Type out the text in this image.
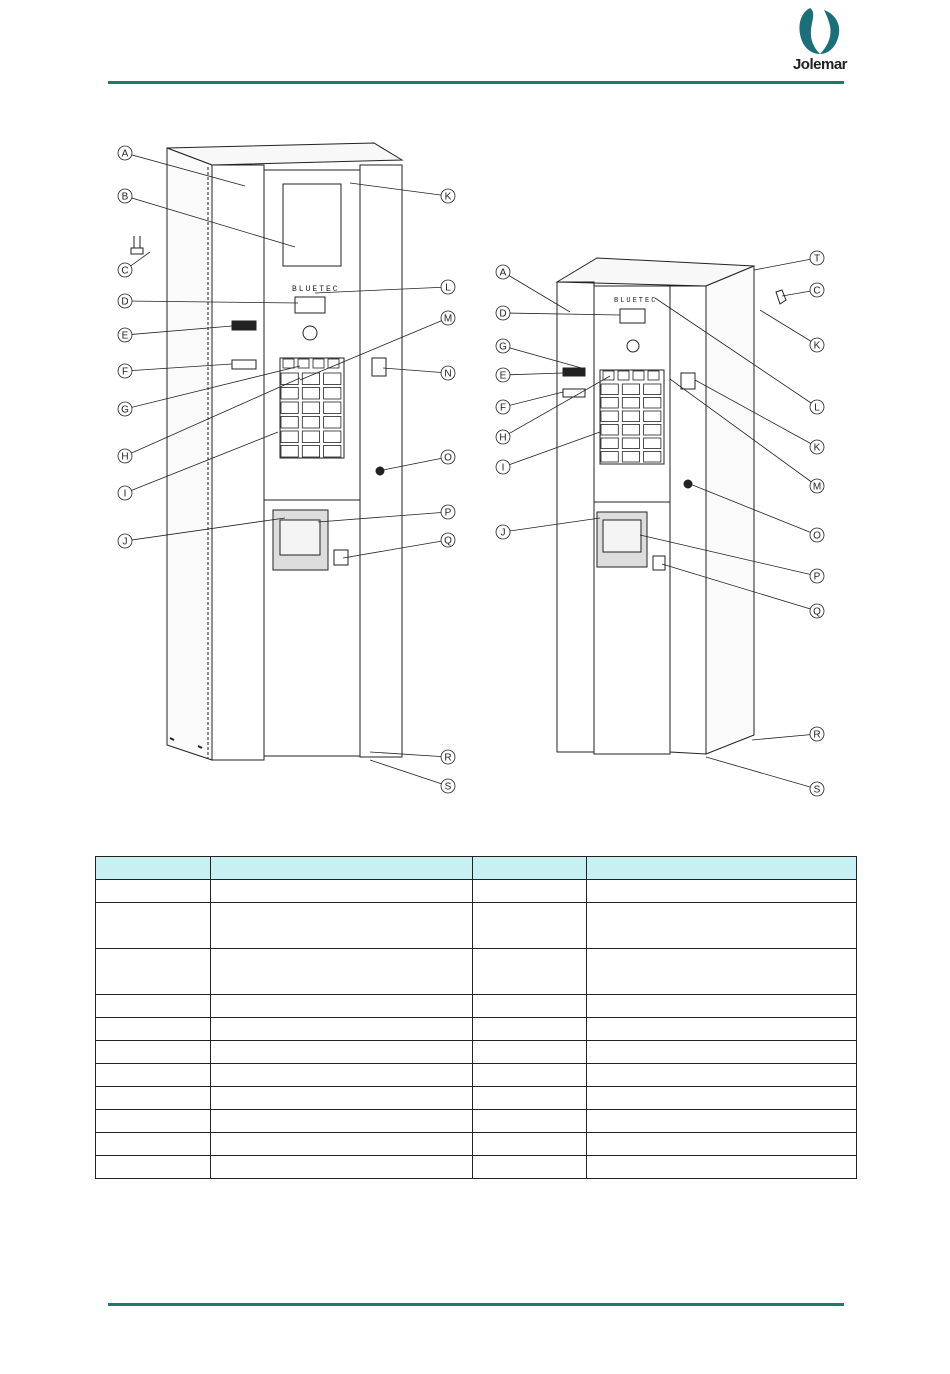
Jolemar
BLUETEC
BLUETEC
A
B
C
D
E
F
G
H
I
J
K
L
M
N
O
P
Q
R
S
A
D
G
E
F
H
I
J
T
C
K
L
K
M
O
P
Q
R
S
